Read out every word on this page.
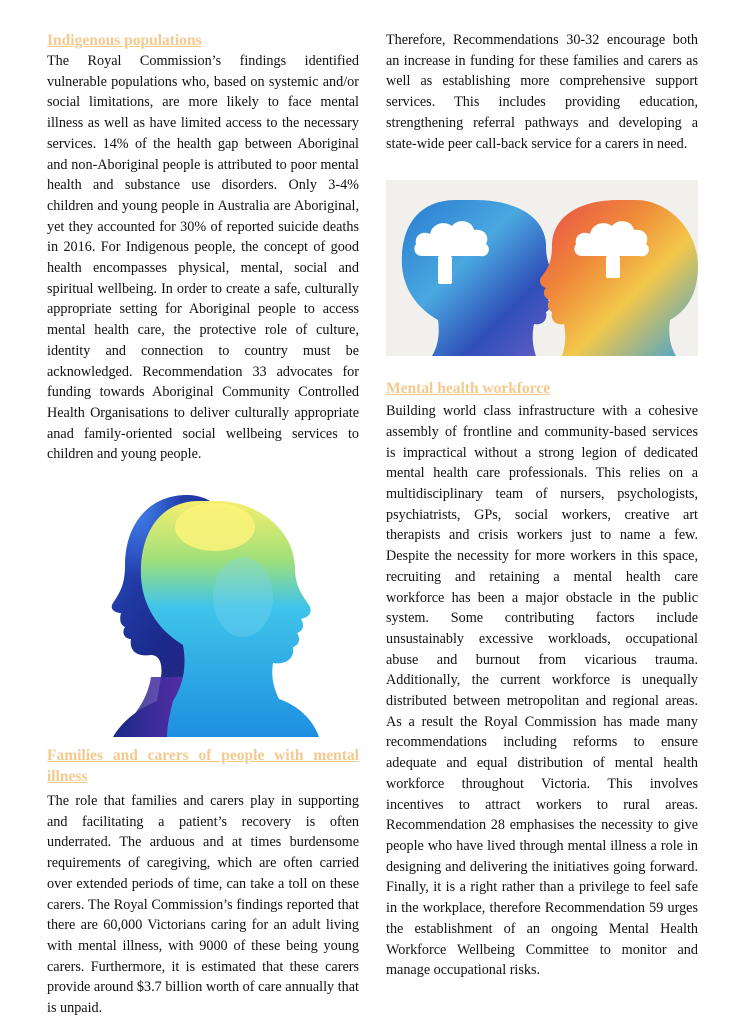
Indigenous populations

The Royal Commission’s findings identified vulnerable populations who, based on systemic and/or social limitations, are more likely to face mental illness as well as have limited access to the necessary services. 14% of the health gap between Aboriginal and non-Aboriginal people is attributed to poor mental health and substance use disorders. Only 3-4% children and young people in Australia are Aboriginal, yet they accounted for 30% of reported suicide deaths in 2016. For Indigenous people, the concept of good health encompasses physical, mental, social and spiritual wellbeing. In order to create a safe, culturally appropriate setting for Aboriginal people to access mental health care, the protective role of culture, identity and connection to country must be acknowledged. Recommendation 33 advocates for funding towards Aboriginal Community Controlled Health Organisations to deliver culturally appropriate anad family-oriented social wellbeing services to children and young people.

Families and carers of people with mental illness

The role that families and carers play in supporting and facilitating a patient’s recovery is often underrated. The arduous and at times burdensome requirements of caregiving, which are often carried over extended periods of time, can take a toll on these carers. The Royal Commission’s findings reported that there are 60,000 Victorians caring for an adult living with mental illness, with 9000 of these being young carers. Furthermore, it is estimated that these carers provide around $3.7 billion worth of care annually that is unpaid.

Therefore, Recommendations 30-32 encourage both an increase in funding for these families and carers as well as establishing more comprehensive support services. This includes providing education, strengthening referral pathways and developing a state-wide peer call-back service for a carers in need.

Mental health workforce

Building world class infrastructure with a cohesive assembly of frontline and community-based services is impractical without a strong legion of dedicated mental health care professionals. This relies on a multidisciplinary team of nursers, psychologists, psychiatrists, GPs, social workers, creative art therapists and crisis workers just to name a few. Despite the necessity for more workers in this space, recruiting and retaining a mental health care workforce has been a major obstacle in the public system. Some contributing factors include unsustainably excessive workloads, occupational abuse and burnout from vicarious trauma. Additionally, the current workforce is unequally distributed between metropolitan and regional areas. As a result the Royal Commission has made many recommendations including reforms to ensure adequate and equal distribution of mental health workforce throughout Victoria. This involves incentives to attract workers to rural areas. Recommendation 28 emphasises the necessity to give people who have lived through mental illness a role in designing and delivering the initiatives going forward. Finally, it is a right rather than a privilege to feel safe in the workplace, therefore Recommendation 59 urges the establishment of an ongoing Mental Health Workforce Wellbeing Committee to monitor and manage occupational risks.
